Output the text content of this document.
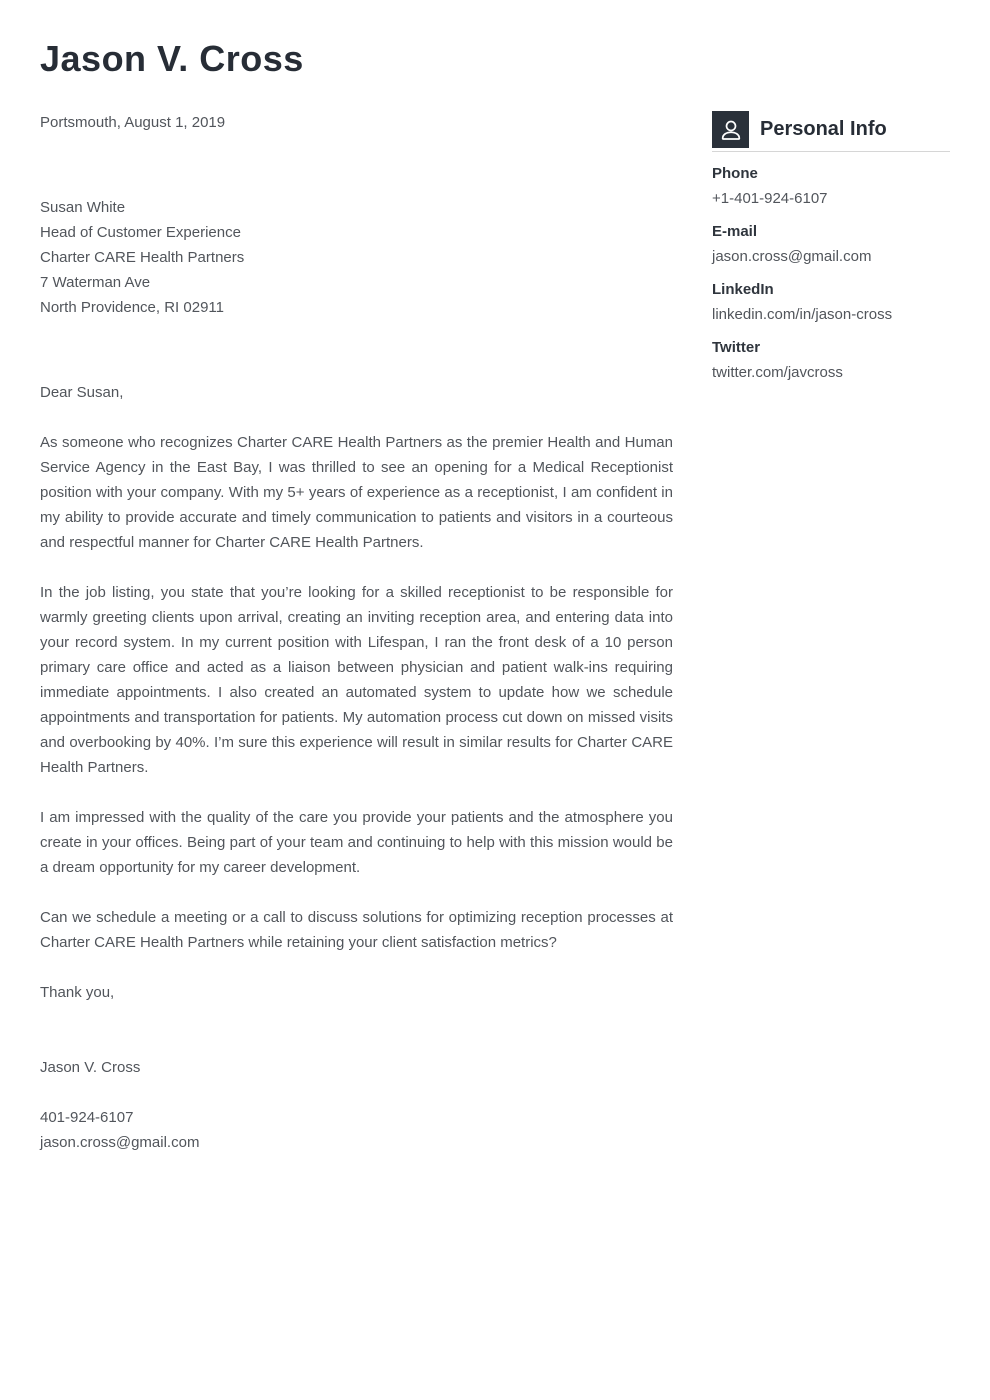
Jason V. Cross
Portsmouth, August 1, 2019
Susan White
Head of Customer Experience
Charter CARE Health Partners
7 Waterman Ave
North Providence, RI 02911
Dear Susan,

As someone who recognizes Charter CARE Health Partners as the premier Health and Human Service Agency in the East Bay, I was thrilled to see an opening for a Medical Receptionist position with your company. With my 5+ years of experience as a receptionist, I am confident in my ability to provide accurate and timely communication to patients and visitors in a courteous and respectful manner for Charter CARE Health Partners.

In the job listing, you state that you’re looking for a skilled receptionist to be responsible for warmly greeting clients upon arrival, creating an inviting reception area, and entering data into your record system. In my current position with Lifespan, I ran the front desk of a 10 person primary care office and acted as a liaison between physician and patient walk-ins requiring immediate appointments. I also created an automated system to update how we schedule appointments and transportation for patients. My automation process cut down on missed visits and overbooking by 40%. I’m sure this experience will result in similar results for Charter CARE Health Partners.

I am impressed with the quality of the care you provide your patients and the atmosphere you create in your offices. Being part of your team and continuing to help with this mission would be a dream opportunity for my career development.

Can we schedule a meeting or a call to discuss solutions for optimizing reception processes at Charter CARE Health Partners while retaining your client satisfaction metrics?

Thank you,
Jason V. Cross
401-924-6107
jason.cross@gmail.com
Personal Info
Phone
+1-401-924-6107
E-mail
jason.cross@gmail.com
LinkedIn
linkedin.com/in/jason-cross
Twitter
twitter.com/javcross
